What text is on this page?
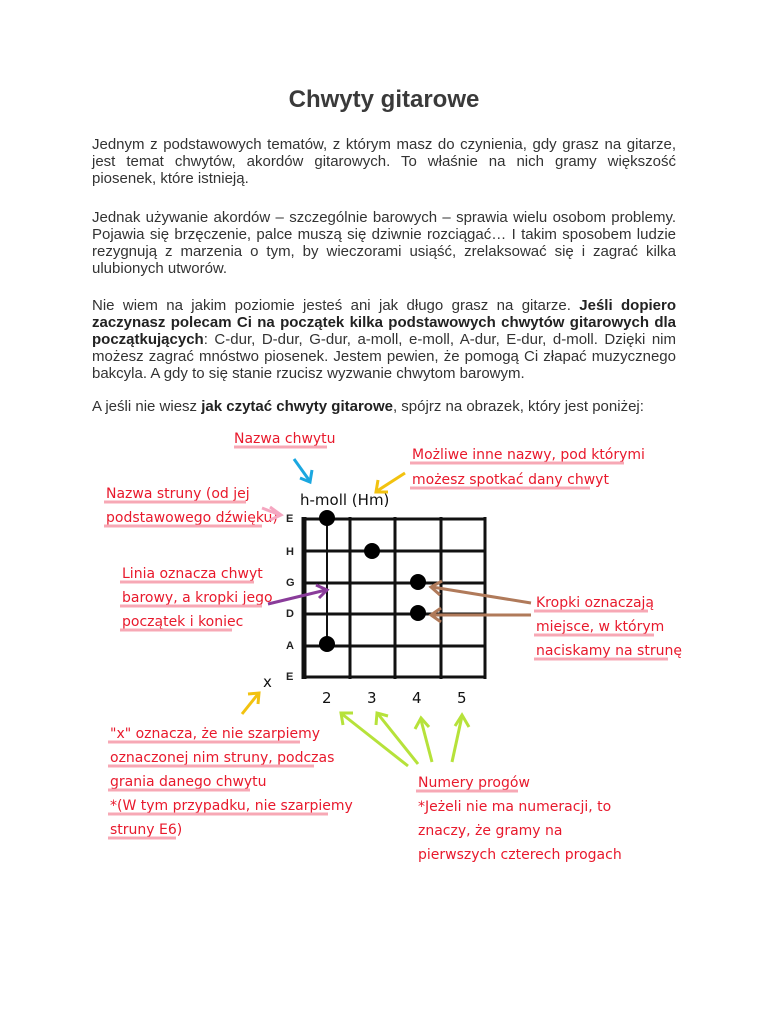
Chwyty gitarowe

Jednym z podstawowych tematów, z którym masz do czynienia, gdy grasz na gitarze, jest temat chwytów, akordów gitarowych. To właśnie na nich gramy większość piosenek, które istnieją.

Jednak używanie akordów – szczególnie barowych – sprawia wielu osobom problemy. Pojawia się brzęczenie, palce muszą się dziwnie rozciągać… I takim sposobem ludzie rezygnują z marzenia o tym, by wieczorami usiąść, zrelaksować się i zagrać kilka ulubionych utworów.

Nie wiem na jakim poziomie jesteś ani jak długo grasz na gitarze. Jeśli dopiero zaczynasz polecam Ci na początek kilka podstawowych chwytów gitarowych dla początkujących: C-dur, D-dur, G-dur, a-moll, e-moll, A-dur, E-dur, d-moll. Dzięki nim możesz zagrać mnóstwo piosenek. Jestem pewien, że pomogą Ci złapać muzycznego bakcyla. A gdy to się stanie rzucisz wyzwanie chwytom barowym.

A jeśli nie wiesz jak czytać chwyty gitarowe, spójrz na obrazek, który jest poniżej:

h-moll (Hm)
E
H
G
D
A
E
x
2 3 4 5
Nazwa chwytu
Możliwe inne nazwy, pod którymi
możesz spotkać dany chwyt
Nazwa struny (od jej
podstawowego dźwięku)
Linia oznacza chwyt
barowy, a kropki jego
początek i koniec
Kropki oznaczają
miejsce, w którym
naciskamy na strunę
"x" oznacza, że nie szarpiemy
oznaczonej nim struny, podczas
grania danego chwytu
*(W tym przypadku, nie szarpiemy
struny E6)
Numery progów
*Jeżeli nie ma numeracji, to
znaczy, że gramy na
pierwszych czterech progach
